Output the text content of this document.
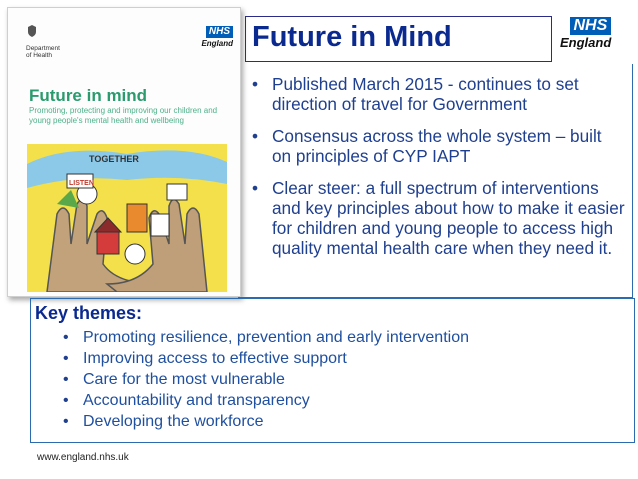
Department
of Health
NHS
England
Future in mind
Promoting, protecting and improving our children and young people's mental health and wellbeing
TOGETHER
LISTEN
Future in Mind	NHS
England
• Published March 2015 - continues to set direction of travel for Government
• Consensus across the whole system – built on principles of CYP IAPT
• Clear steer: a full spectrum of interventions and key principles about how to make it easier for children and young people to access high quality mental health care when they need it.
Key themes:
• Promoting resilience, prevention and early intervention
• Improving access to effective support
• Care for the most vulnerable
• Accountability and transparency
• Developing the workforce
www.england.nhs.uk
